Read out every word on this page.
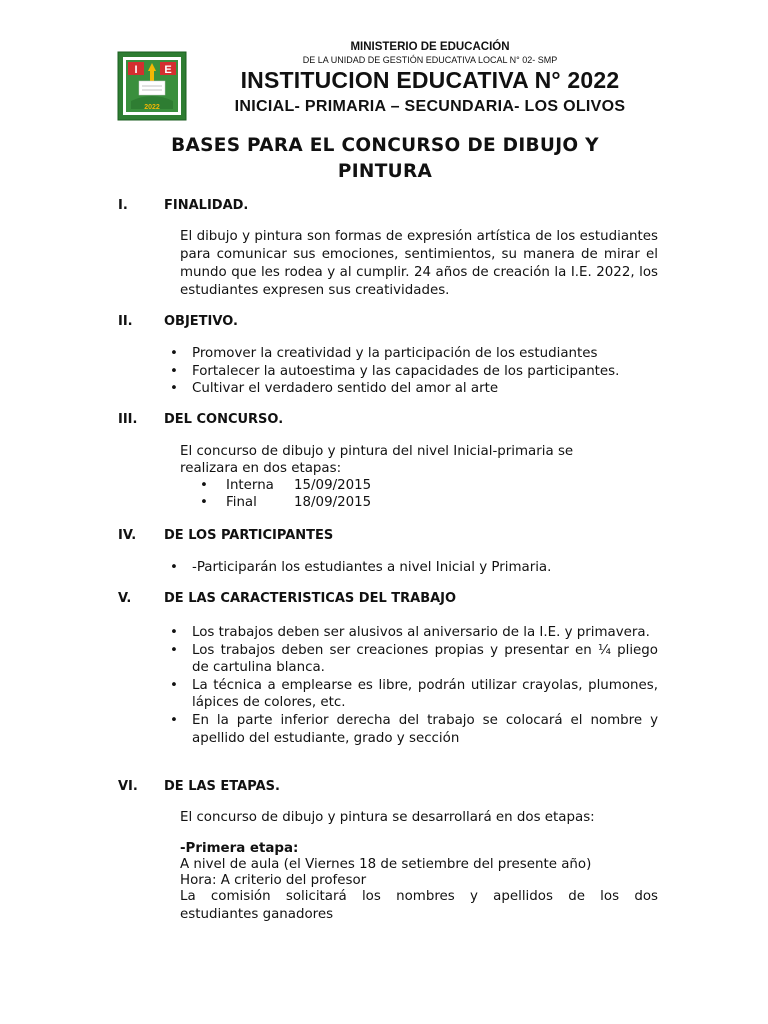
I E
2022
MINISTERIO DE EDUCACIÓN
DE LA UNIDAD DE GESTIÓN EDUCATIVA LOCAL N° 02- SMP
INSTITUCION EDUCATIVA N° 2022
INICIAL- PRIMARIA – SECUNDARIA- LOS OLIVOS
BASES PARA EL CONCURSO DE DIBUJO Y
PINTURA
I.	FINALIDAD.
El dibujo y pintura son formas de expresión artística de los estudiantes para comunicar sus emociones, sentimientos, su manera de mirar el mundo que les rodea y al cumplir. 24 años de creación la I.E. 2022, los estudiantes expresen sus creatividades.
II. OBJETIVO.
• Promover la creatividad y la participación de los estudiantes
• Fortalecer la autoestima y las capacidades de los participantes.
• Cultivar el verdadero sentido del amor al arte
III. DEL CONCURSO.
El concurso de dibujo y pintura del nivel Inicial-primaria se
realizara en dos etapas:
• Interna 15/09/2015
• Final	18/09/2015
IV. DE LOS PARTICIPANTES
• -Participarán los estudiantes a nivel Inicial y Primaria.
V.	DE LAS CARACTERISTICAS DEL TRABAJO
• Los trabajos deben ser alusivos al aniversario de la I.E. y primavera.
• Los trabajos deben ser creaciones propias y presentar en ¼ pliego de cartulina blanca.
• La técnica a emplearse es libre, podrán utilizar crayolas, plumones, lápices de colores, etc.
• En la parte inferior derecha del trabajo se colocará el nombre y apellido del estudiante, grado y sección
VI. DE LAS ETAPAS.
El concurso de dibujo y pintura se desarrollará en dos etapas:
-Primera etapa:
A nivel de aula (el Viernes 18 de setiembre del presente año)
Hora: A criterio del profesor
La comisión solicitará los nombres y apellidos de los dos
estudiantes ganadores
